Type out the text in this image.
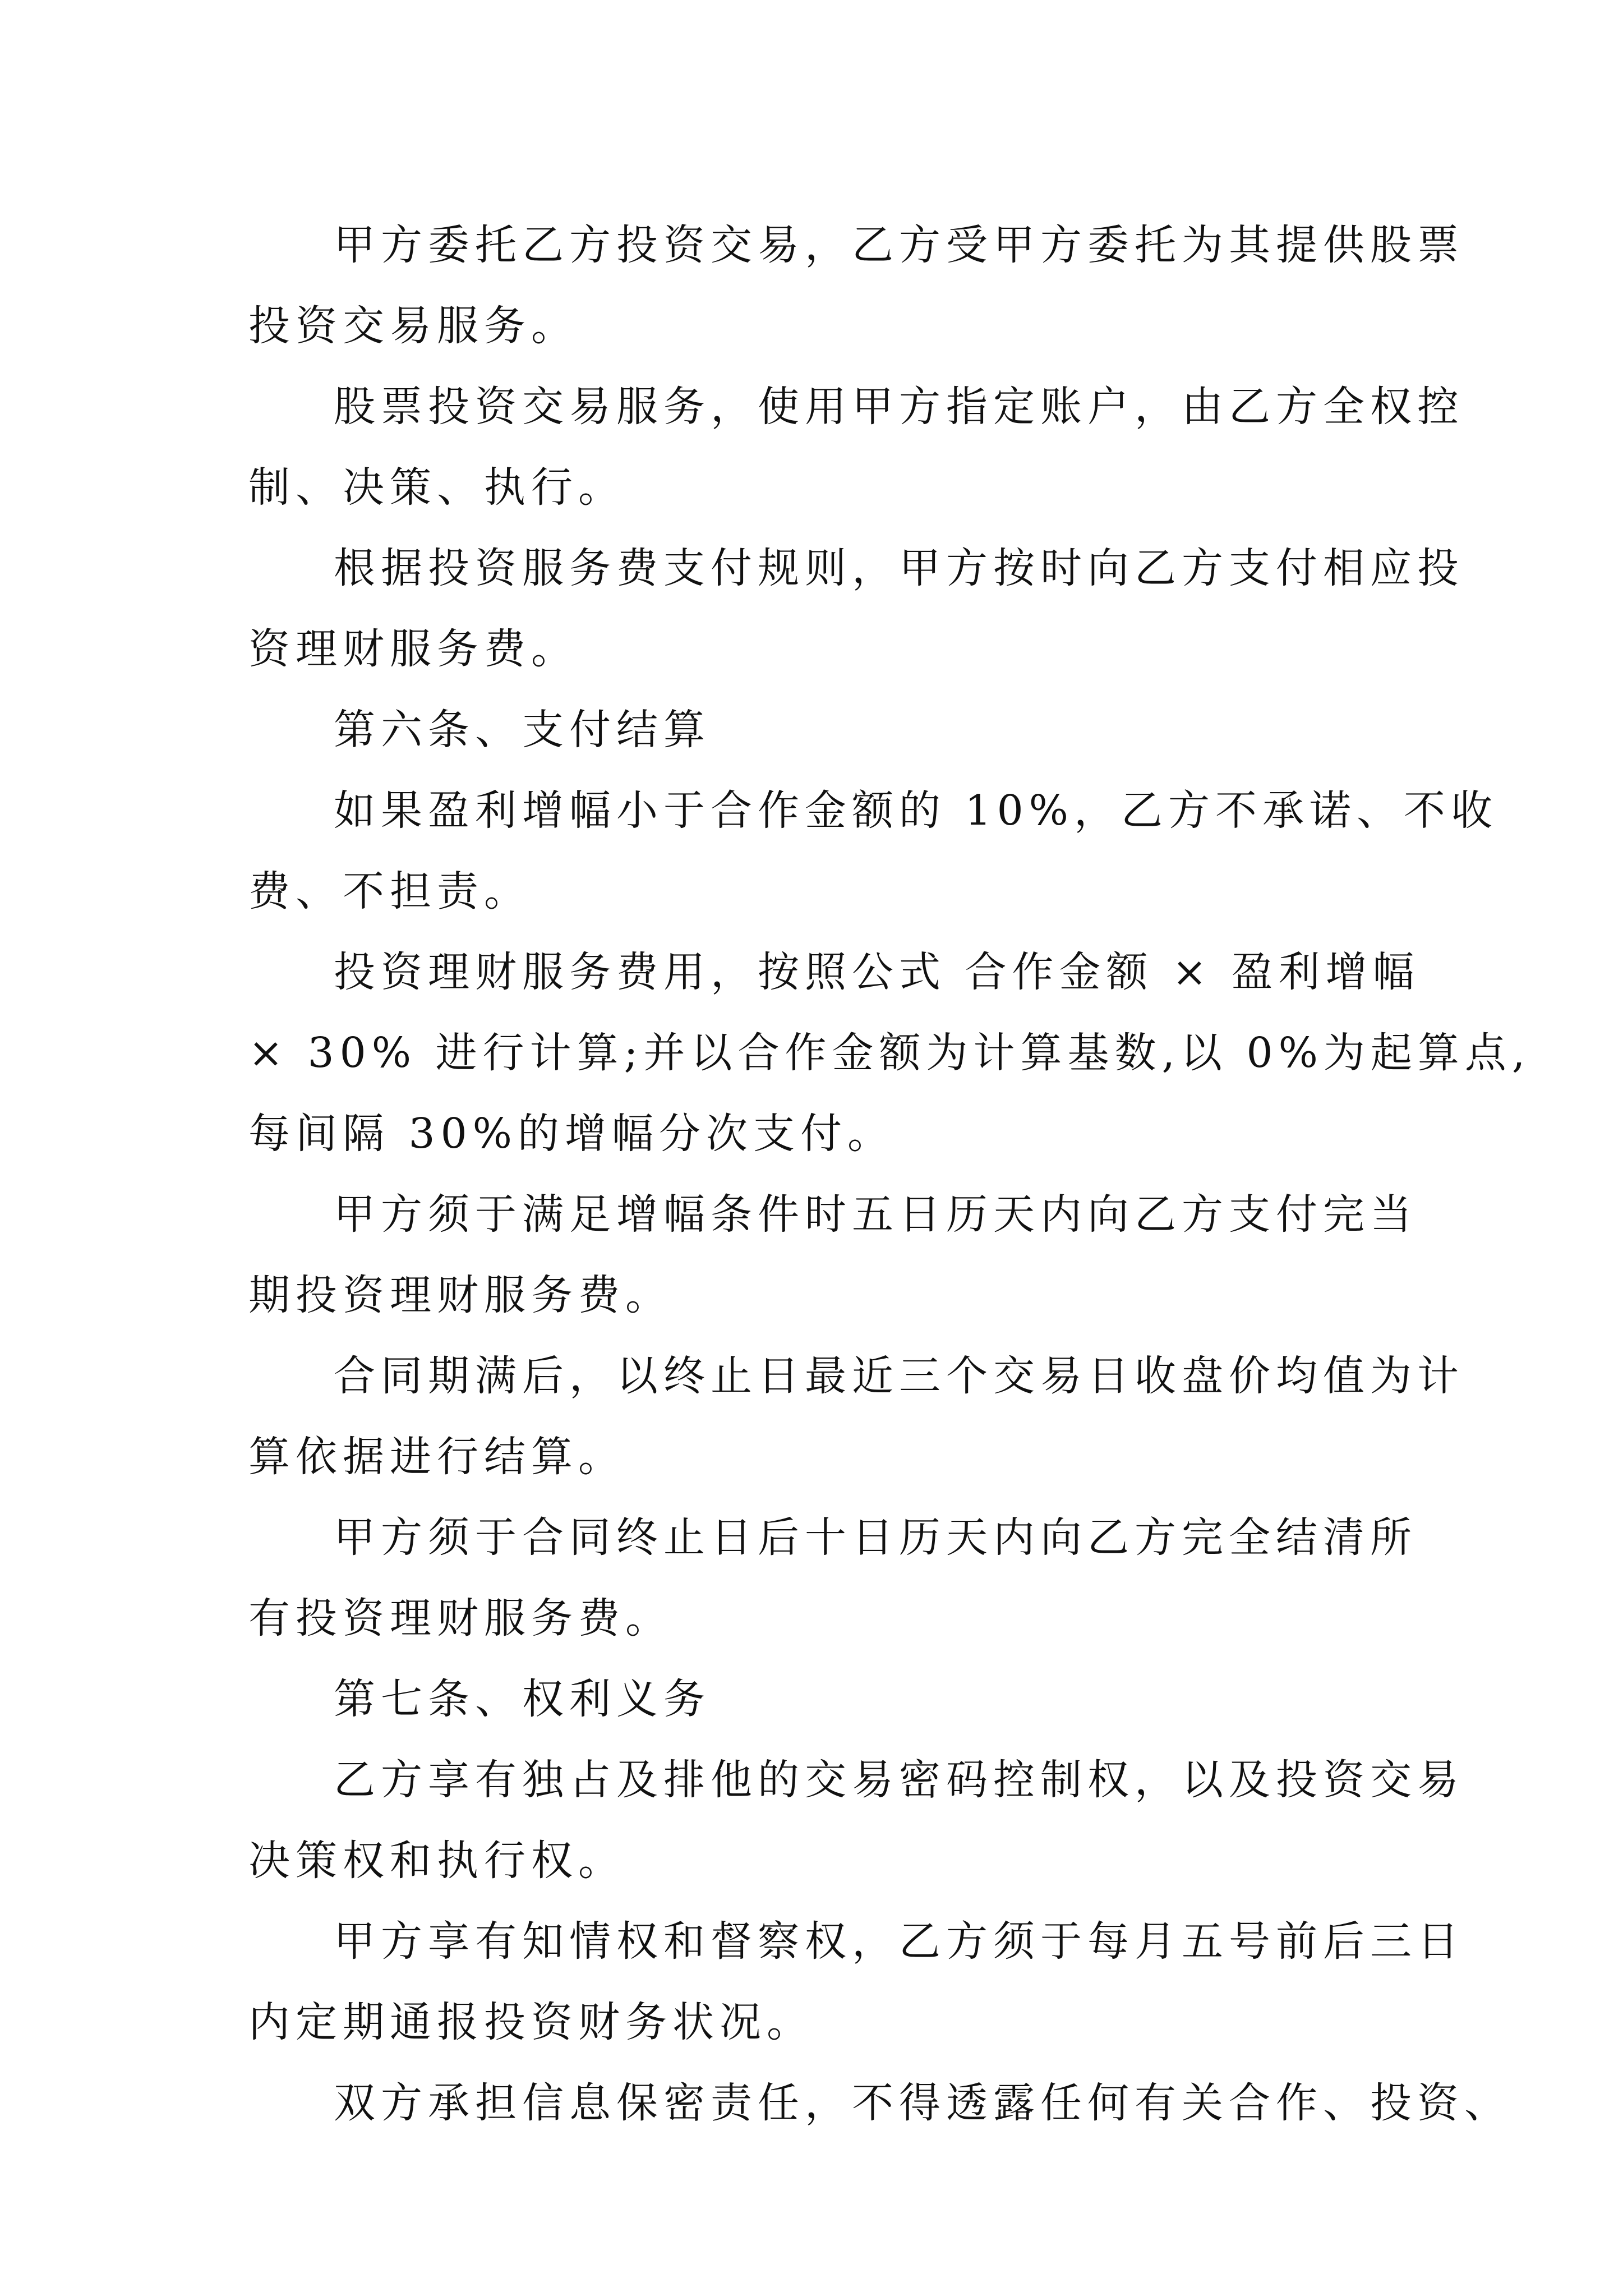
甲方委托乙方投资交易，乙方受甲方委托为其提供股票
投资交易服务。

股票投资交易服务，使用甲方指定账户，由乙方全权控
制、决策、执行。

根据投资服务费支付规则，甲方按时向乙方支付相应投
资理财服务费。

第六条、支付结算

如果盈利增幅小于合作金额的 10%，乙方不承诺、不收
费、不担责。

投资理财服务费用，按照公式 合作金额 × 盈利增幅
× 30% 进行计算;并以合作金额为计算基数,以 0%为起算点,
每间隔 30%的增幅分次支付。

甲方须于满足增幅条件时五日历天内向乙方支付完当
期投资理财服务费。

合同期满后，以终止日最近三个交易日收盘价均值为计
算依据进行结算。

甲方须于合同终止日后十日历天内向乙方完全结清所
有投资理财服务费。

第七条、权利义务

乙方享有独占及排他的交易密码控制权，以及投资交易
决策权和执行权。

甲方享有知情权和督察权，乙方须于每月五号前后三日
内定期通报投资财务状况。

双方承担信息保密责任，不得透露任何有关合作、投资、
